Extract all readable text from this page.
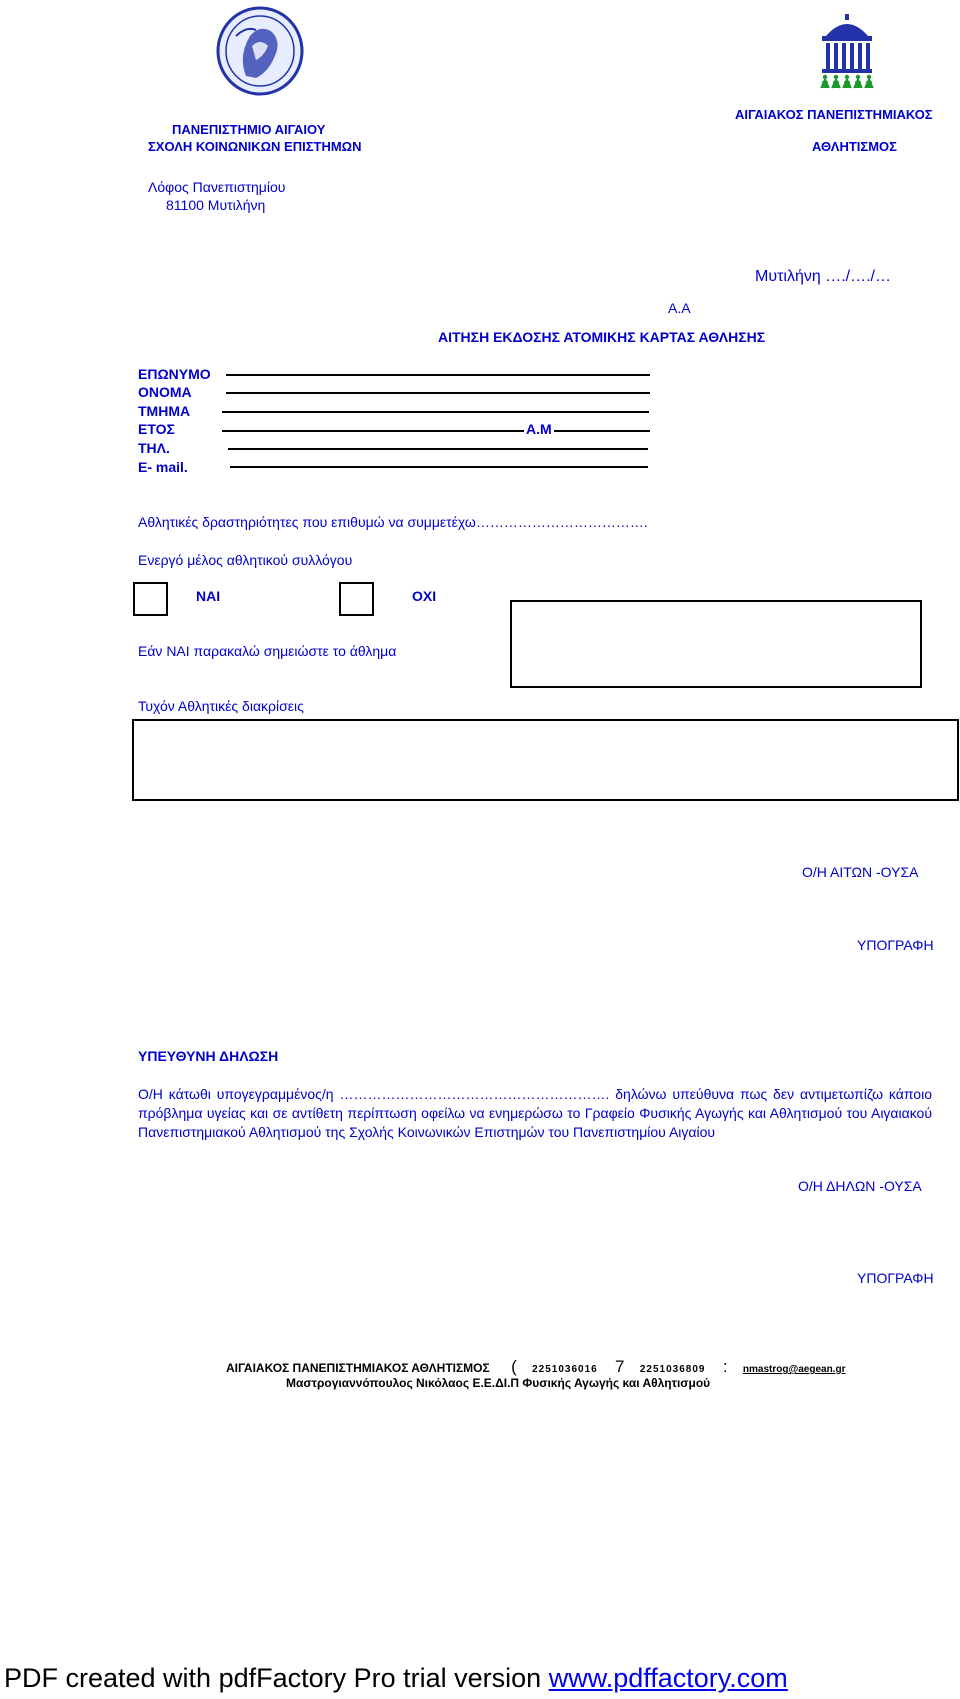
ΠΑΝΕΠΙΣΤΗΜΙΟ ΑΙΓΑΙΟΥ
ΣΧΟΛΗ ΚΟΙΝΩΝΙΚΩΝ ΕΠΙΣΤΗΜΩΝ
Λόφος Πανεπιστημίου
81100 Μυτιλήνη
ΑΙΓΑΙΑΚΟΣ ΠΑΝΕΠΙΣΤΗΜΙΑΚΟΣ
ΑΘΛΗΤΙΣΜΟΣ
Μυτιλήνη …./…./…
Α.Α
ΑΙΤΗΣΗ ΕΚΔΟΣΗΣ ΑΤΟΜΙΚΗΣ ΚΑΡΤΑΣ ΑΘΛΗΣΗΣ
ΕΠΩΝΥΜΟ
ΟΝΟΜΑ
ΤΜΗΜΑ
ΕΤΟΣ	Α.Μ
ΤΗΛ.
E- mail.
Αθλητικές δραστηριότητες που επιθυμώ να συμμετέχω……………………………….
Ενεργό μέλος αθλητικού συλλόγου
ΝΑΙ	ΟΧΙ
Εάν ΝΑΙ παρακαλώ σημειώστε το άθλημα
Τυχόν Αθλητικές διακρίσεις
Ο/Η ΑΙΤΩΝ -ΟΥΣΑ
ΥΠΟΓΡΑΦΗ
ΥΠΕΥΘΥΝΗ ΔΗΛΩΣΗ
Ο/Η κάτωθι υπογεγραμμένος/η …………………………………………………. δηλώνω υπεύθυνα πως δεν αντιμετωπίζω κάποιο πρόβλημα υγείας και σε αντίθετη περίπτωση οφείλω να ενημερώσω το Γραφείο Φυσικής Αγωγής και Αθλητισμού του Αιγαιακού Πανεπιστημιακού Αθλητισμού της Σχολής Κοινωνικών Επιστημών του Πανεπιστημίου Αιγαίου
Ο/Η ΔΗΛΩΝ -ΟΥΣΑ
ΥΠΟΓΡΑΦΗ
ΑΙΓΑΙΑΚΟΣ ΠΑΝΕΠΙΣΤΗΜΙΑΚΟΣ ΑΘΛΗΤΙΣΜΟΣ ( 2251036016 7 2251036809 : nmastrog@aegean.gr
Μαστρογιαννόπουλος Νικόλαος Ε.Ε.ΔΙ.Π Φυσικής Αγωγής και Αθλητισμού
PDF created with pdfFactory Pro trial version www.pdffactory.com
